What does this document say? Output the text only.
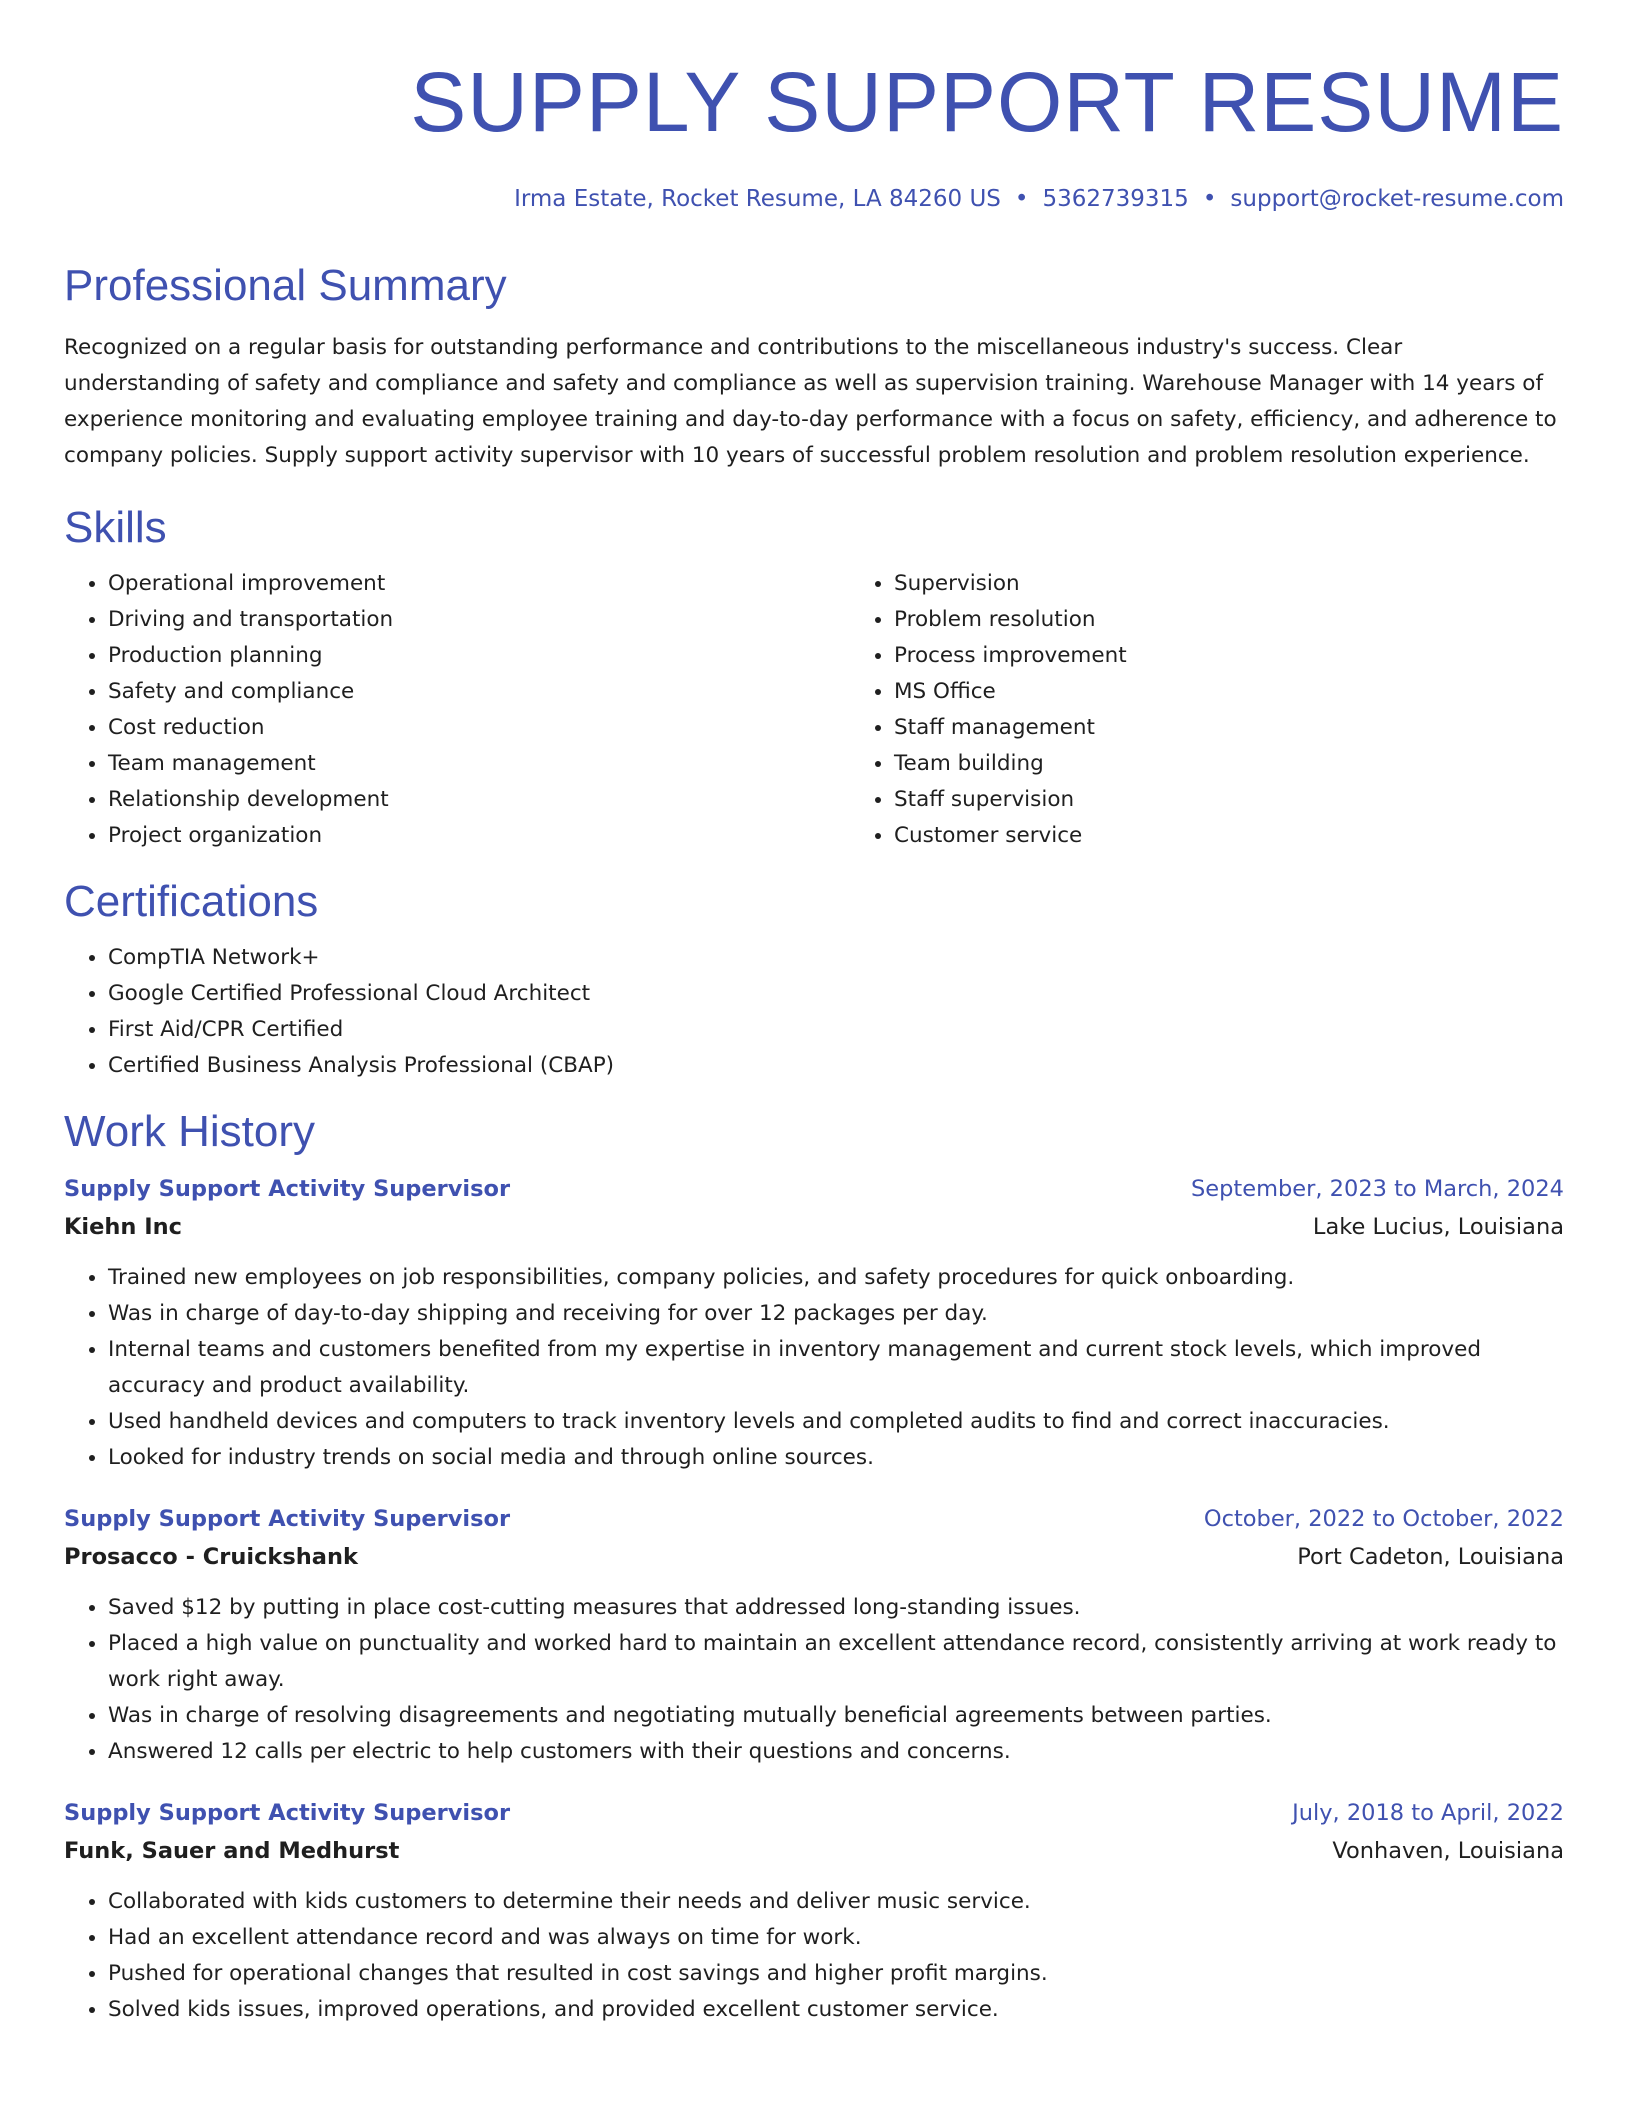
SUPPLY SUPPORT RESUME
Irma Estate, Rocket Resume, LA 84260 US • 5362739315 • support@rocket-resume.com
Professional Summary

Recognized on a regular basis for outstanding performance and contributions to the miscellaneous industry's success. Clear understanding of safety and compliance and safety and compliance as well as supervision training. Warehouse Manager with 14 years of experience monitoring and evaluating employee training and day-to-day performance with a focus on safety, efficiency, and adherence to company policies. Supply support activity supervisor with 10 years of successful problem resolution and problem resolution experience.

Skills
• Operational improvement
• Driving and transportation
• Production planning
• Safety and compliance
• Cost reduction
• Team management
• Relationship development
• Project organization
• Supervision
• Problem resolution
• Process improvement
• MS Office
• Staff management
• Team building
• Staff supervision
• Customer service
Certifications
• CompTIA Network+
• Google Certified Professional Cloud Architect
• First Aid/CPR Certified
• Certified Business Analysis Professional (CBAP)
Work History
Supply Support Activity Supervisor	September, 2023 to March, 2024
Kiehn Inc	Lake Lucius, Louisiana
• Trained new employees on job responsibilities, company policies, and safety procedures for quick onboarding.
• Was in charge of day-to-day shipping and receiving for over 12 packages per day.
• Internal teams and customers benefited from my expertise in inventory management and current stock levels, which improved accuracy and product availability.
• Used handheld devices and computers to track inventory levels and completed audits to find and correct inaccuracies.
• Looked for industry trends on social media and through online sources.
Supply Support Activity Supervisor	October, 2022 to October, 2022
Prosacco - Cruickshank	Port Cadeton, Louisiana
• Saved $12 by putting in place cost-cutting measures that addressed long-standing issues.
• Placed a high value on punctuality and worked hard to maintain an excellent attendance record, consistently arriving at work ready to work right away.
• Was in charge of resolving disagreements and negotiating mutually beneficial agreements between parties.
• Answered 12 calls per electric to help customers with their questions and concerns.
Supply Support Activity Supervisor	July, 2018 to April, 2022
Funk, Sauer and Medhurst	Vonhaven, Louisiana
• Collaborated with kids customers to determine their needs and deliver music service.
• Had an excellent attendance record and was always on time for work.
• Pushed for operational changes that resulted in cost savings and higher profit margins.
• Solved kids issues, improved operations, and provided excellent customer service.
